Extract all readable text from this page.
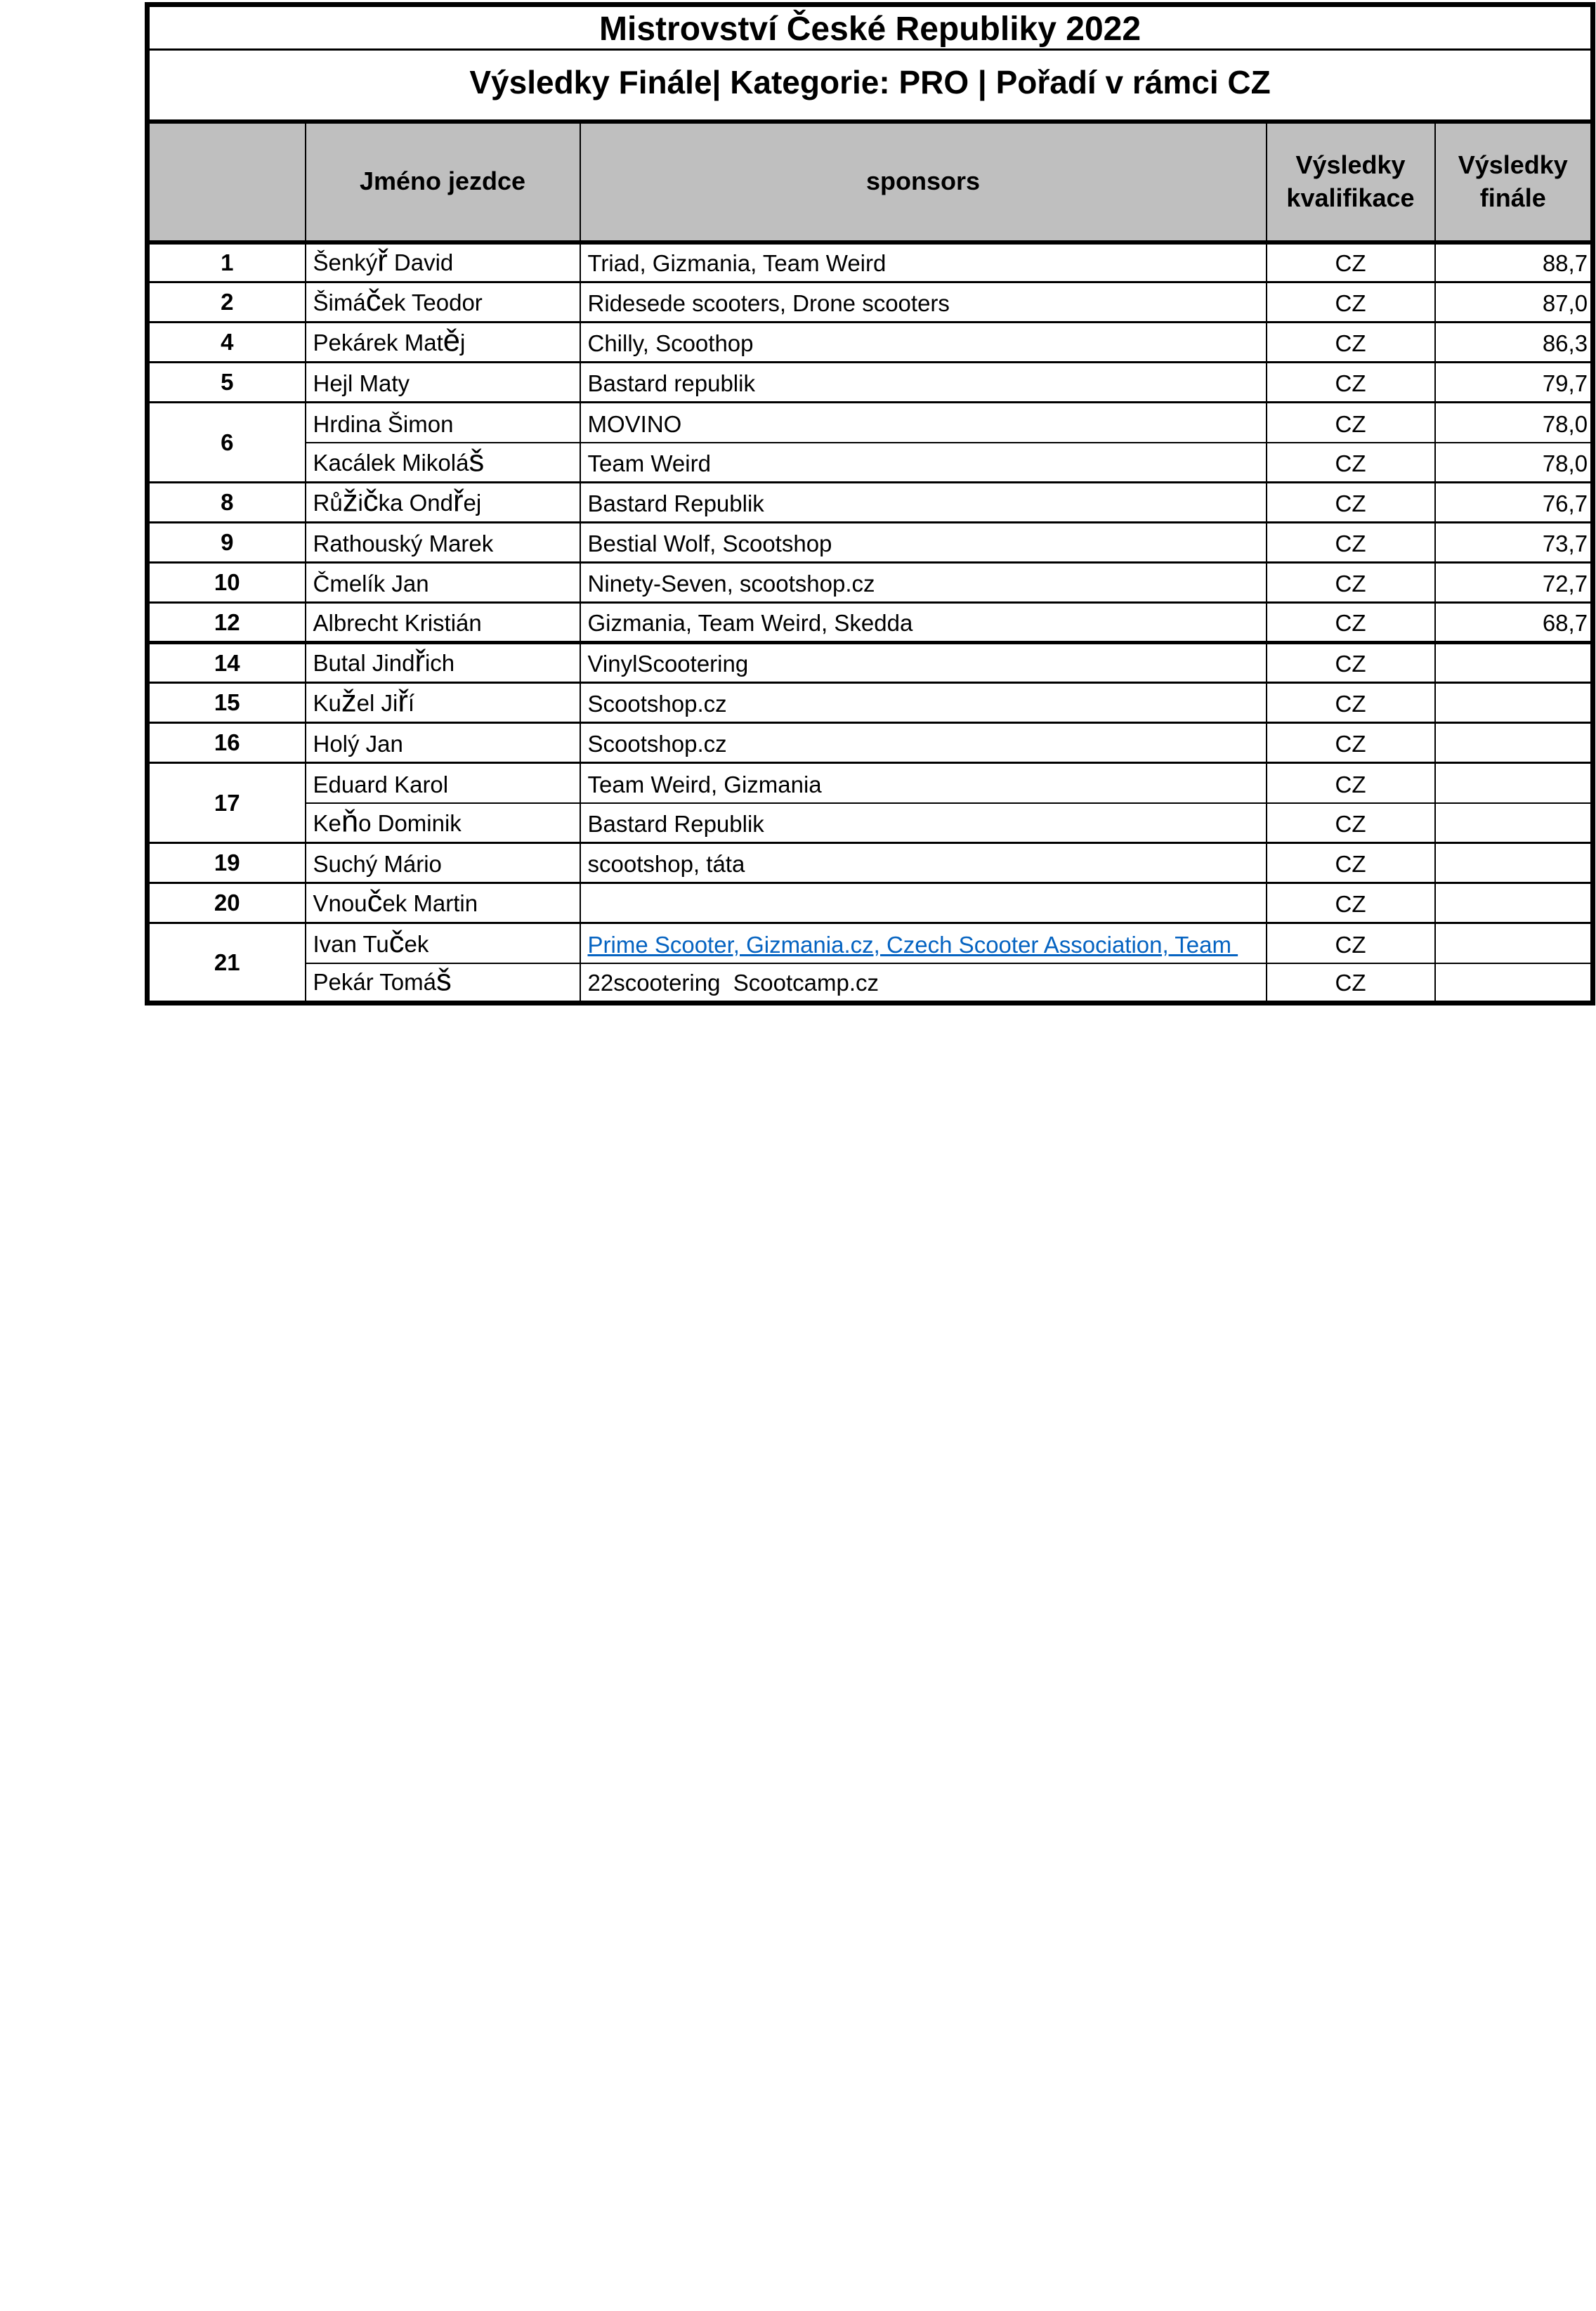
Mistrovství České Republiky 2022				
Výsledky Finále| Kategorie: PRO | Pořadí v rámci CZ				
	Jméno jezdce	sponsors	Výsledky kvalifikace	Výsledky finále
1	Šenkýř David	Triad, Gizmania, Team Weird	CZ	88,7
2	Šimáček Teodor	Ridesede scooters, Drone scooters	CZ	87,0
4	Pekárek Matěj	Chilly, Scoothop	CZ	86,3
5	Hejl Maty	Bastard republik	CZ	79,7
6	Hrdina Šimon	MOVINO	CZ	78,0
	Kacálek Mikoláš	Team Weird	CZ	78,0
8	Růžička Ondřej	Bastard Republik	CZ	76,7
9	Rathouský Marek	Bestial Wolf, Scootshop	CZ	73,7
10	Čmelík Jan	Ninety-Seven, scootshop.cz	CZ	72,7
12	Albrecht Kristián	Gizmania, Team Weird, Skedda	CZ	68,7
14	Butal Jindřich	VinylScootering	CZ	
15	Kužel Jiří	Scootshop.cz	CZ	
16	Holý Jan	Scootshop.cz	CZ	
17	Eduard Karol	Team Weird, Gizmania	CZ	
	Keňo Dominik	Bastard Republik	CZ	
19	Suchý Mário	scootshop, táta	CZ	
20	Vnouček Martin		CZ	
21	Ivan Tuček	Prime Scooter, Gizmania.cz, Czech Scooter Association, Team	CZ	
	Pekár Tomáš	22scootering  Scootcamp.cz	CZ	
